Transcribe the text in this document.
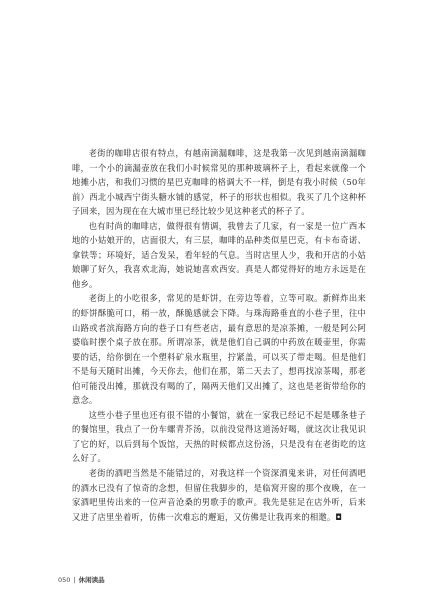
老街的咖啡店很有特点，有越南滴漏咖啡，这是我第一次见到越南滴漏咖啡，一个小的滴漏壶放在我们小时候常见的那种玻璃杯子上，看起来就像一个地摊小店，和我们习惯的星巴克咖啡的格调大不一样，倒是有我小时候（50年前）西北小城西宁街头糖水铺的感觉，杯子的形状也相似。我买了几个这种杯子回来，因为现在在大城市里已经比较少见这种老式的杯子了。

也有时尚的咖啡店，做得很有情调，我曾去了几家，有一家是一位广西本地的小姑娘开的，店面很大，有三层，咖啡的品种类似星巴克，有卡布奇诺、拿铁等；环境好，适合发呆，看年轻的气息。当时店里人少，我和开店的小姑娘聊了好久，我喜欢北海，她说她喜欢西安。真是人都觉得好的地方永远是在他乡。

老街上的小吃很多，常见的是虾饼，在旁边等着，立等可取。新鲜炸出来的虾饼酥脆可口，稍一放，酥脆感就会下降。与珠海路垂直的小巷子里，往中山路或者滨海路方向的巷子口有些老店，最有意思的是凉茶摊，一般是阿公阿婆临时摆个桌子放在那。所谓凉茶，就是他们自己调的中药放在暖壶里，你需要的话，给你倒在一个塑料矿泉水瓶里，拧紧盖，可以买了带走喝。但是他们不是每天随时出摊，今天你去，他们在那，第二天去了，想再找凉茶喝，那老伯可能没出摊，那就没有喝的了，隔两天他们又出摊了，这也是老街带给你的意念。

这些小巷子里也还有很不错的小餐馆，就在一家我已经记不起是哪条巷子的餐馆里，我点了一份车螺青芥汤，以前没觉得这道汤好喝，就这次让我见识了它的好，以后到每个饭馆，天热的时候都点这份汤，只是没有在老街吃的这么好了。

老街的酒吧当然是不能错过的，对我这样一个资深酒鬼来讲，对任何酒吧的酒水已没有了惊奇的念想，但留住我脚步的，是临窝开窗的那个夜晚，在一家酒吧里传出来的一位声音沧桑的男歌手的歌声。我先是驻足在店外听，后来又进了店里坐着听，仿佛一次难忘的邂逅，又仿佛是让我再来的相邀。◘

050 | 休闲读品
